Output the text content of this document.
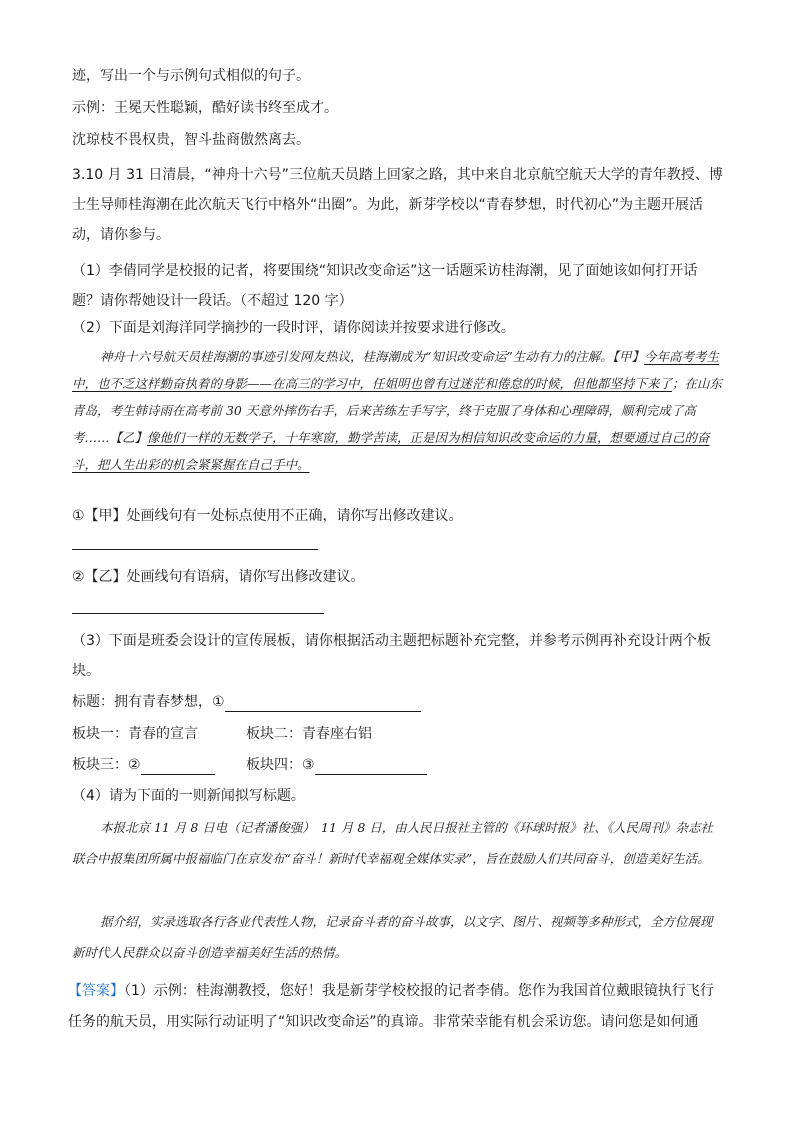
迹，写出一个与示例句式相似的句子。
示例：王冕天性聪颖，酷好读书终至成才。
沈琼枝不畏权贵，智斗盐商傲然离去。
3.10 月 31 日清晨，“神舟十六号”三位航天员踏上回家之路，其中来自北京航空航天大学的青年教授、博士生导师桂海潮在此次航天飞行中格外“出圈”。为此，新芽学校以“青春梦想，时代初心”为主题开展活动，请你参与。
（1）李倩同学是校报的记者，将要围绕“知识改变命运”这一话题采访桂海潮，见了面她该如何打开话题？请你帮她设计一段话。（不超过 120 字）
（2）下面是刘海洋同学摘抄的一段时评，请你阅读并按要求进行修改。
神舟十六号航天员桂海潮的事迹引发网友热议，桂海潮成为“知识改变命运”生动有力的注解。【甲】今年高考考生中，也不乏这样勤奋执着的身影——在高三的学习中，任姐明也曾有过迷茫和倦怠的时候，但他都坚持下来了；在山东青岛，考生韩诗雨在高考前 30 天意外摔伤右手，后来苦练左手写字，终于克服了身体和心理障碍，顺利完成了高考……【乙】像他们一样的无数学子，十年寒窗，勤学苦读，正是因为相信知识改变命运的力量，想要通过自己的奋斗，把人生出彩的机会紧紧握在自己手中。
①【甲】处画线句有一处标点使用不正确，请你写出修改建议。
②【乙】处画线句有语病，请你写出修改建议。
（3）下面是班委会设计的宣传展板，请你根据活动主题把标题补充完整，并参考示例再补充设计两个板块。
标题：拥有青春梦想，①
板块一：青春的宣言	板块二：青春座右铝
板块三：②	板块四：③
（4）请为下面的一则新闻拟写标题。
本报北京 11 月 8 日电（记者潘俊强）　11 月 8 日，由人民日报社主管的《环球时报》社、《人民周刊》杂志社联合中报集团所属中报福临门在京发布“奋斗！新时代幸福观全媒体实录”，旨在鼓励人们共同奋斗，创造美好生活。
据介绍，实录选取各行各业代表性人物，记录奋斗者的奋斗故事，以文字、图片、视频等多种形式，全方位展现新时代人民群众以奋斗创造幸福美好生活的热情。
【答案】（1）示例：桂海潮教授，您好！我是新芽学校校报的记者李倩。您作为我国首位戴眼镜执行飞行任务的航天员，用实际行动证明了“知识改变命运”的真谛。非常荣幸能有机会采访您。请问您是如何通
